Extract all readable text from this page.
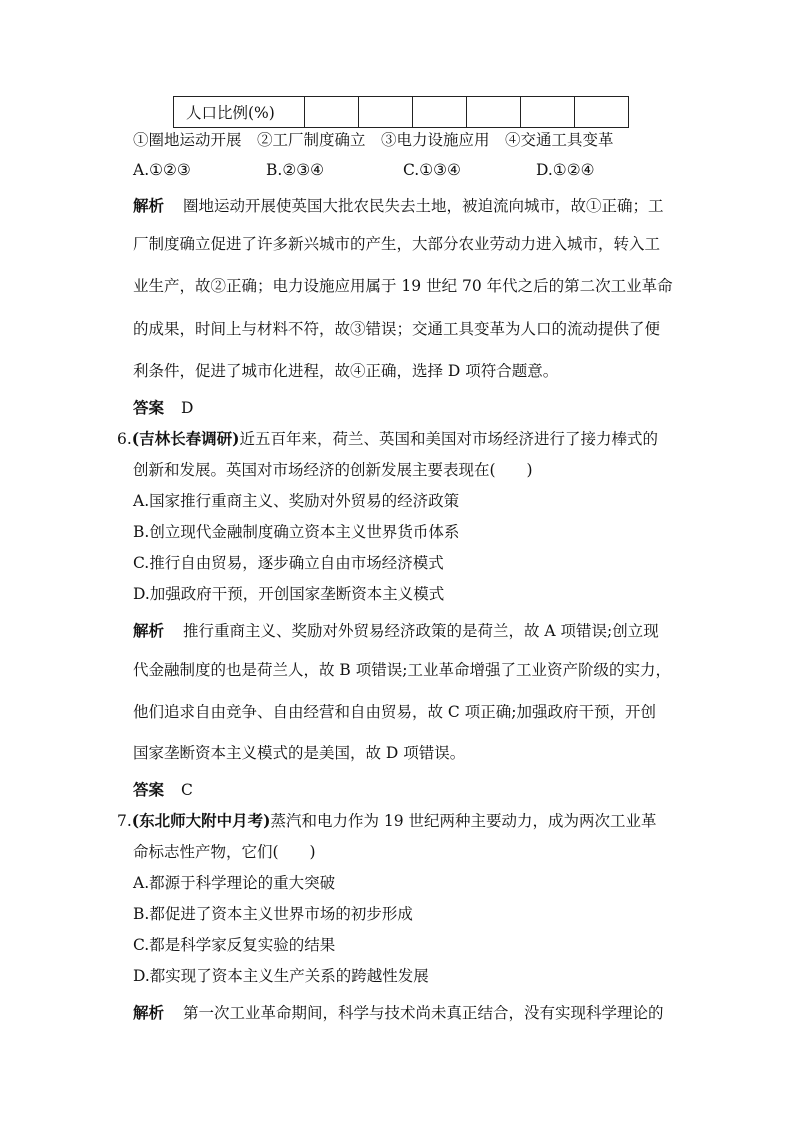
人口比例(%)						
①圈地运动开展　②工厂制度确立　③电力设施应用　④交通工具变革
A.①②③	B.②③④	C.①③④	D.①②④
解析 圈地运动开展使英国大批农民失去土地，被迫流向城市，故①正确；工
厂制度确立促进了许多新兴城市的产生，大部分农业劳动力进入城市，转入工
业生产，故②正确；电力设施应用属于 19 世纪 70 年代之后的第二次工业革命
的成果，时间上与材料不符，故③错误；交通工具变革为人口的流动提供了便
利条件，促进了城市化进程，故④正确，选择 D 项符合题意。
答案 D
6.(吉林长春调研)近五百年来，荷兰、英国和美国对市场经济进行了接力棒式的
创新和发展。英国对市场经济的创新发展主要表现在(　　)
A.国家推行重商主义、奖励对外贸易的经济政策
B.创立现代金融制度确立资本主义世界货币体系
C.推行自由贸易，逐步确立自由市场经济模式
D.加强政府干预，开创国家垄断资本主义模式
解析 推行重商主义、奖励对外贸易经济政策的是荷兰，故 A 项错误;创立现
代金融制度的也是荷兰人，故 B 项错误;工业革命增强了工业资产阶级的实力，
他们追求自由竞争、自由经营和自由贸易，故 C 项正确;加强政府干预，开创
国家垄断资本主义模式的是美国，故 D 项错误。
答案 C
7.(东北师大附中月考)蒸汽和电力作为 19 世纪两种主要动力，成为两次工业革
命标志性产物，它们(　　)
A.都源于科学理论的重大突破
B.都促进了资本主义世界市场的初步形成
C.都是科学家反复实验的结果
D.都实现了资本主义生产关系的跨越性发展
解析 第一次工业革命期间，科学与技术尚未真正结合，没有实现科学理论的
